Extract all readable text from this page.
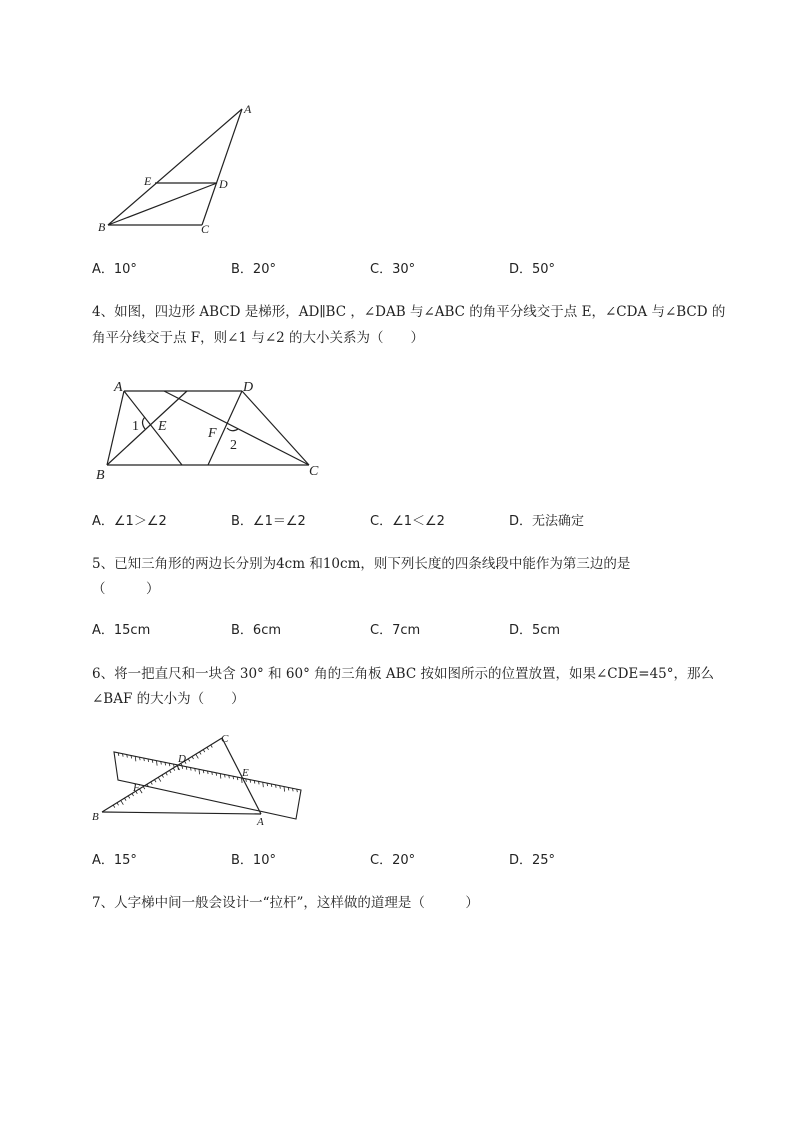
A
E	D
B	C
A．10°	B．20°	C．30°	D．50°
4、如图，四边形 ABCD 是梯形，AD∥BC ，∠DAB 与∠ABC 的角平分线交于点 E，∠CDA 与∠BCD 的
角平分线交于点 F，则∠1 与∠2 的大小关系为（　　）
A	D
1 E	F
2
B	C
A．∠1＞∠2	B．∠1＝∠2	C．∠1＜∠2	D．无法确定
5、已知三角形的两边长分别为4cm 和10cm，则下列长度的四条线段中能作为第三边的是
（　　　）
A．15cm	B．6cm	C．7cm	D．5cm
6、将一把直尺和一块含 30° 和 60° 角的三角板 ABC 按如图所示的位置放置，如果∠CDE=45°，那么
∠BAF 的大小为（　　）
C
D
E
F
B	A
A．15°	B．10°	C．20°	D．25°
7、人字梯中间一般会设计一“拉杆”，这样做的道理是（　　　）
